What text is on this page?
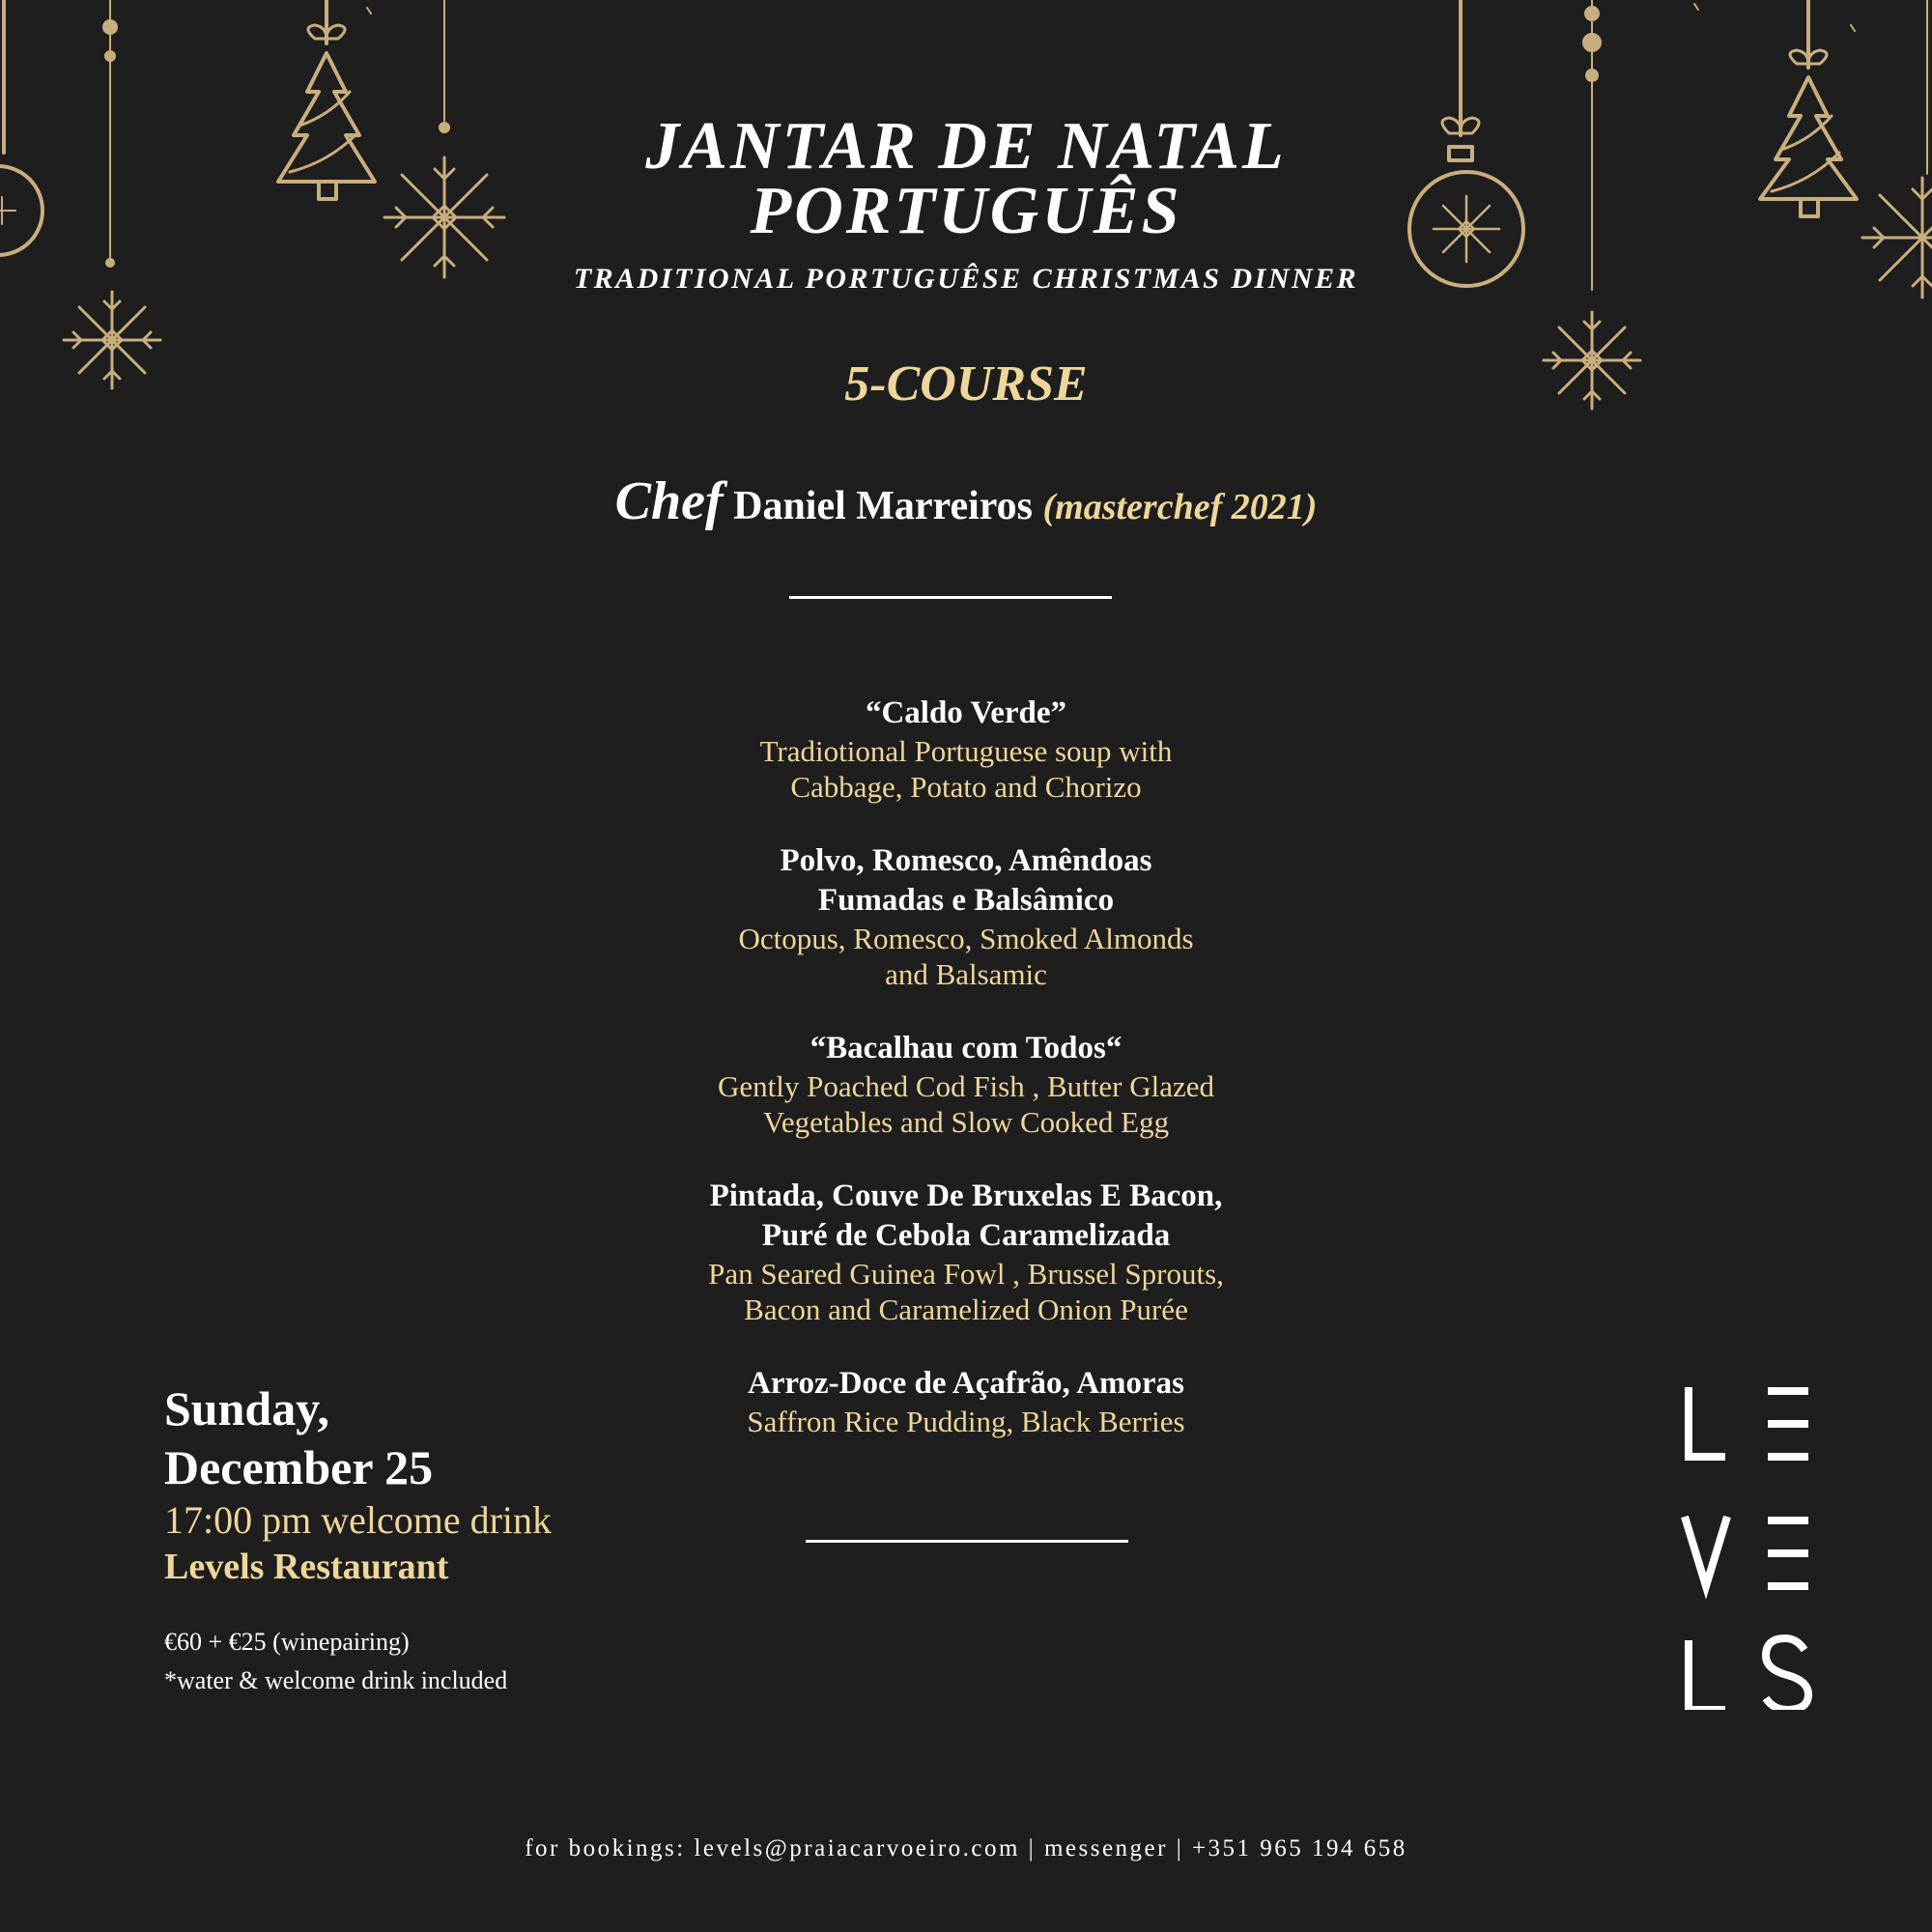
JANTAR DE NATAL
PORTUGUÊS
TRADITIONAL PORTUGUÊSE CHRISTMAS DINNER
5-COURSE
Chef Daniel Marreiros (masterchef 2021)
“Caldo Verde”
Tradiotional Portuguese soup with
Cabbage, Potato and Chorizo
Polvo, Romesco, Amêndoas
Fumadas e Balsâmico
Octopus, Romesco, Smoked Almonds
and Balsamic
“Bacalhau com Todos“
Gently Poached Cod Fish , Butter Glazed
Vegetables and Slow Cooked Egg
Pintada, Couve De Bruxelas E Bacon,
Puré de Cebola Caramelizada
Pan Seared Guinea Fowl , Brussel Sprouts,
Bacon and Caramelized Onion Purée
Arroz-Doce de Açafrão, Amoras
Saffron Rice Pudding, Black Berries
Sunday,
December 25
17:00 pm welcome drink
Levels Restaurant
€60 + €25 (winepairing)
*water & welcome drink included
for bookings: levels@praiacarvoeiro.com | messenger | +351 965 194 658
